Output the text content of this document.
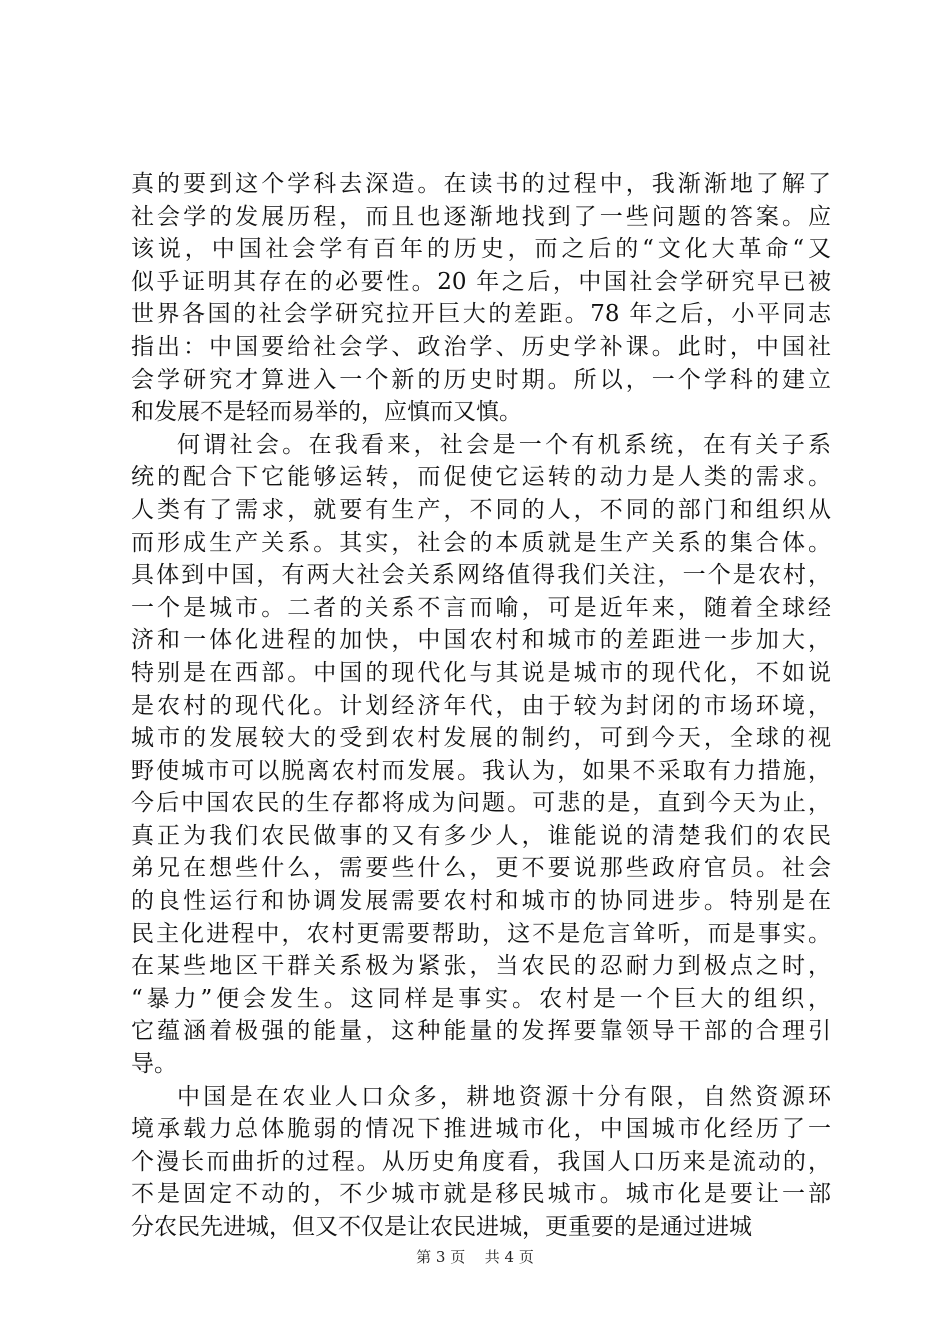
真的要到这个学科去深造。在读书的过程中，我渐渐地了解了
社会学的发展历程，而且也逐渐地找到了一些问题的答案。应
该说，中国社会学有百年的历史，而之后的“文化大革命“又
似乎证明其存在的必要性。20 年之后，中国社会学研究早已被
世界各国的社会学研究拉开巨大的差距。78 年之后，小平同志
指出：中国要给社会学、政治学、历史学补课。此时，中国社
会学研究才算进入一个新的历史时期。所以，一个学科的建立
和发展不是轻而易举的，应慎而又慎。
何谓社会。在我看来，社会是一个有机系统，在有关子系
统的配合下它能够运转，而促使它运转的动力是人类的需求。
人类有了需求，就要有生产，不同的人，不同的部门和组织从
而形成生产关系。其实，社会的本质就是生产关系的集合体。
具体到中国，有两大社会关系网络值得我们关注，一个是农村，
一个是城市。二者的关系不言而喻，可是近年来，随着全球经
济和一体化进程的加快，中国农村和城市的差距进一步加大，
特别是在西部。中国的现代化与其说是城市的现代化，不如说
是农村的现代化。计划经济年代，由于较为封闭的市场环境，
城市的发展较大的受到农村发展的制约，可到今天，全球的视
野使城市可以脱离农村而发展。我认为，如果不采取有力措施，
今后中国农民的生存都将成为问题。可悲的是，直到今天为止，
真正为我们农民做事的又有多少人，谁能说的清楚我们的农民
弟兄在想些什么，需要些什么，更不要说那些政府官员。社会
的良性运行和协调发展需要农村和城市的协同进步。特别是在
民主化进程中，农村更需要帮助，这不是危言耸听，而是事实。
在某些地区干群关系极为紧张，当农民的忍耐力到极点之时，
“暴力”便会发生。这同样是事实。农村是一个巨大的组织，
它蕴涵着极强的能量，这种能量的发挥要靠领导干部的合理引
导。
中国是在农业人口众多，耕地资源十分有限，自然资源环
境承载力总体脆弱的情况下推进城市化，中国城市化经历了一
个漫长而曲折的过程。从历史角度看，我国人口历来是流动的，
不是固定不动的，不少城市就是移民城市。城市化是要让一部
分农民先进城，但又不仅是让农民进城，更重要的是通过进城
第 3 页 共 4 页
